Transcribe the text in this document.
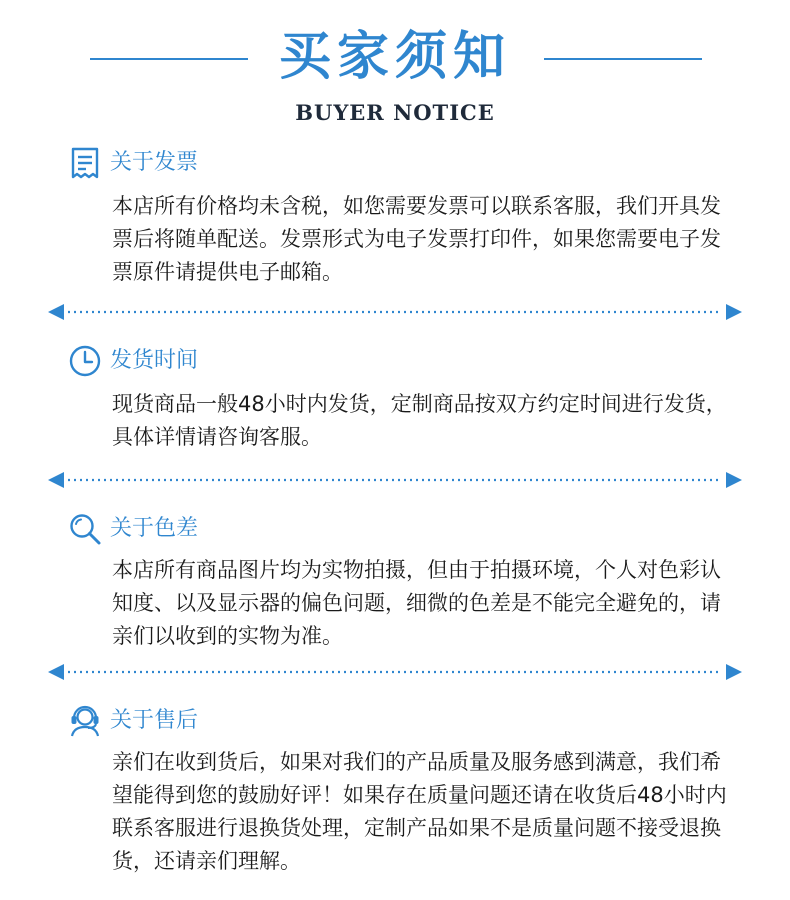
买家须知
BUYER NOTICE
关于发票
本店所有价格均未含税，如您需要发票可以联系客服，我们开具发票后将随单配送。发票形式为电子发票打印件，如果您需要电子发票原件请提供电子邮箱。
发货时间
现货商品一般48小时内发货，定制商品按双方约定时间进行发货，具体详情请咨询客服。
关于色差
本店所有商品图片均为实物拍摄，但由于拍摄环境，个人对色彩认知度、以及显示器的偏色问题，细微的色差是不能完全避免的，请亲们以收到的实物为准。
关于售后
亲们在收到货后，如果对我们的产品质量及服务感到满意，我们希望能得到您的鼓励好评！如果存在质量问题还请在收货后48小时内联系客服进行退换货处理，定制产品如果不是质量问题不接受退换货，还请亲们理解。
